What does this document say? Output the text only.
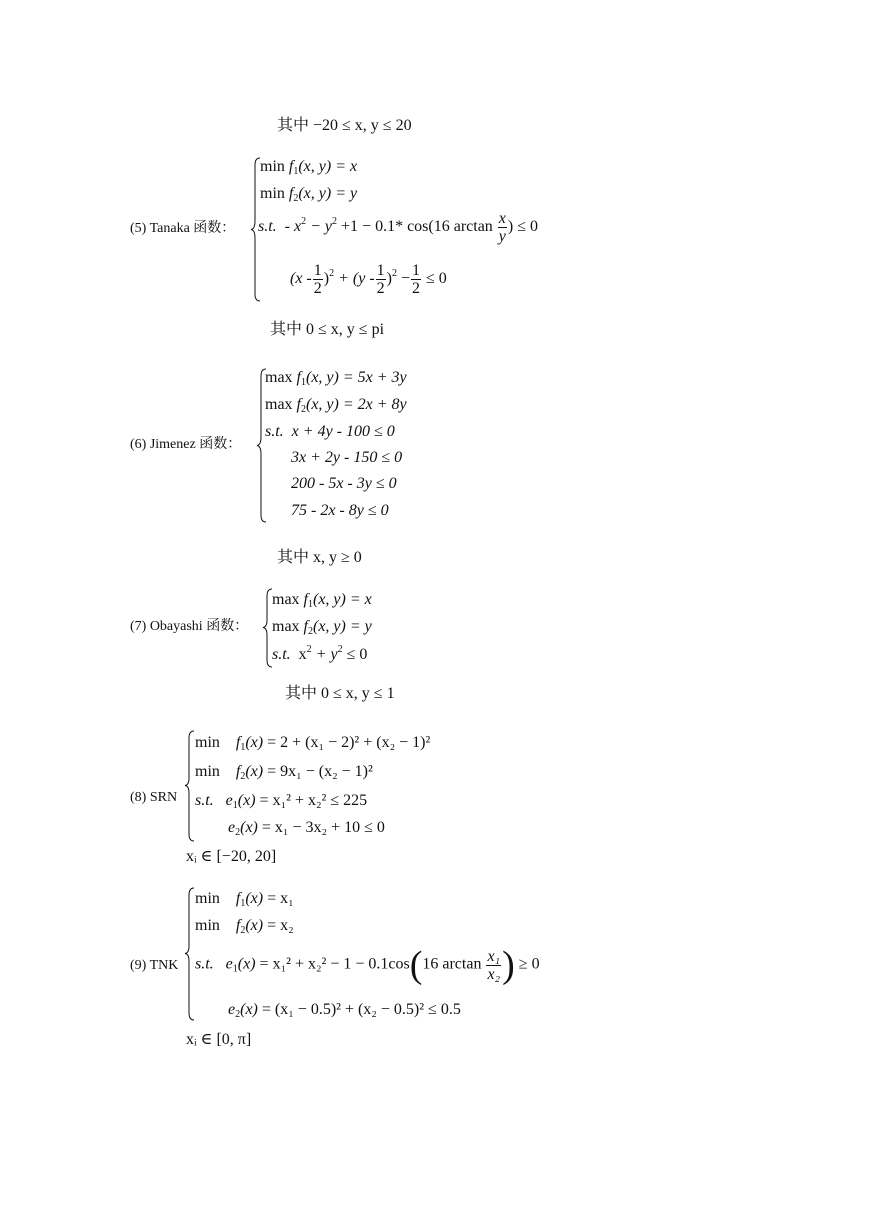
其中 −20 ≤ x, y ≤ 20
(5) Tanaka 函数：
$\min f_1(x$, y) = x
$\min f_2(x$, y) = y
s.t. - $x^2 - y^2 +1 - 0.1*$ cos(16 $\arctan \frac{x}{y}$ ) ≤ 0
$(x - \frac{1}{2} )^2 + (y - \frac{1}{2} )^2 - \frac{1}{2} \le 0$
其中 0 ≤ x, y ≤ pi
(6) Jimenez 函数：
$\max f_1(x$, y) = 5x + 3y
$\max f_2(x$, y) = 2x + 8y
s.t. x + 4y - 100 ≤ 0
3x + 2y - 150 ≤ 0
200 - 5x - 3y ≤ 0
75 - 2x - 8y ≤ 0
其中 x, y ≥ 0
(7) Obayashi 函数：
$\max f_1(x$, y) = x
$\max f_2(x$, y) = y
s.t. $x^2 + y^2 \le 0$
其中 0 ≤ x, y ≤ 1
(8) SRN
$\min f_1(x) = 2 + (x_1 - 2)^2 + (x_2 - 1)^2$
$\min f_2(x) = 9x_1 - (x_2 - 1)^2$
s.t. $e_1(x) = x_1^2 + x_2^2 \le 225$
$e_2(x) = x_1 - 3x_2 + 10 \le 0$
xᵢ ∈ [−20, 20]
(9) TNK
$\min f_1(x) = x_1$
$\min f_2(x) = x_2$
s.t. $e_1(x) = x_1^2 + x_2^2 - 1 - 0.1\cos(16$ $\arctan \frac{\text{x₁}}{\text{x₂}}$ ) ≥ 0
$e_2(x) = (x_1 - 0.5)^2 + (x_2 - 0.5)^2 \le 0.5$
xᵢ ∈ [0, π]
